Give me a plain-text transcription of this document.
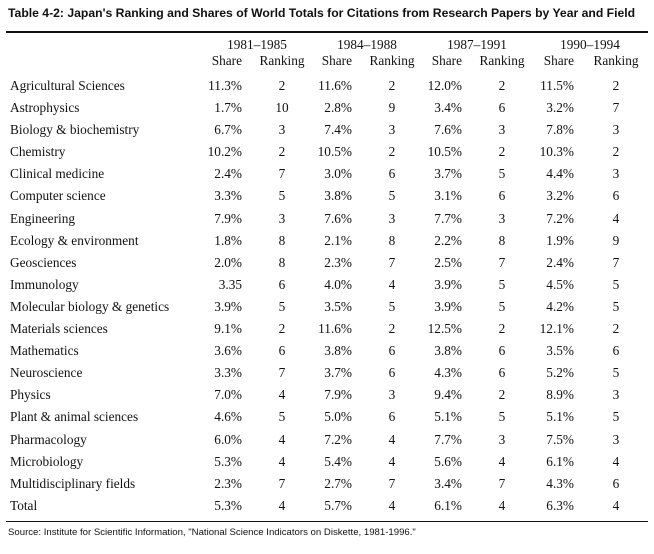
Table 4-2: Japan's Ranking and Shares of World Totals for Citations from Research Papers by Year and Field
	1981–1985		1984–1988		1987–1991		1990–1994	
	Share	Ranking	Share	Ranking	Share	Ranking	Share	Ranking

Agricultural Sciences	11.3%	2	11.6%	2	12.0%	2	11.5%	2
Astrophysics	1.7%	10	2.8%	9	3.4%	6	3.2%	7
Biology & biochemistry	6.7%	3	7.4%	3	7.6%	3	7.8%	3
Chemistry	10.2%	2	10.5%	2	10.5%	2	10.3%	2
Clinical medicine	2.4%	7	3.0%	6	3.7%	5	4.4%	3
Computer science	3.3%	5	3.8%	5	3.1%	6	3.2%	6
Engineering	7.9%	3	7.6%	3	7.7%	3	7.2%	4
Ecology & environment	1.8%	8	2.1%	8	2.2%	8	1.9%	9
Geosciences	2.0%	8	2.3%	7	2.5%	7	2.4%	7
Immunology	3.35	6	4.0%	4	3.9%	5	4.5%	5
Molecular biology & genetics	3.9%	5	3.5%	5	3.9%	5	4.2%	5
Materials sciences	9.1%	2	11.6%	2	12.5%	2	12.1%	2
Mathematics	3.6%	6	3.8%	6	3.8%	6	3.5%	6
Neuroscience	3.3%	7	3.7%	6	4.3%	6	5.2%	5
Physics	7.0%	4	7.9%	3	9.4%	2	8.9%	3
Plant & animal sciences	4.6%	5	5.0%	6	5.1%	5	5.1%	5
Pharmacology	6.0%	4	7.2%	4	7.7%	3	7.5%	3
Microbiology	5.3%	4	5.4%	4	5.6%	4	6.1%	4
Multidisciplinary fields	2.3%	7	2.7%	7	3.4%	7	4.3%	6
Total	5.3%	4	5.7%	4	6.1%	4	6.3%	4
Source: Institute for Scientific Information, "National Science Indicators on Diskette, 1981-1996."
